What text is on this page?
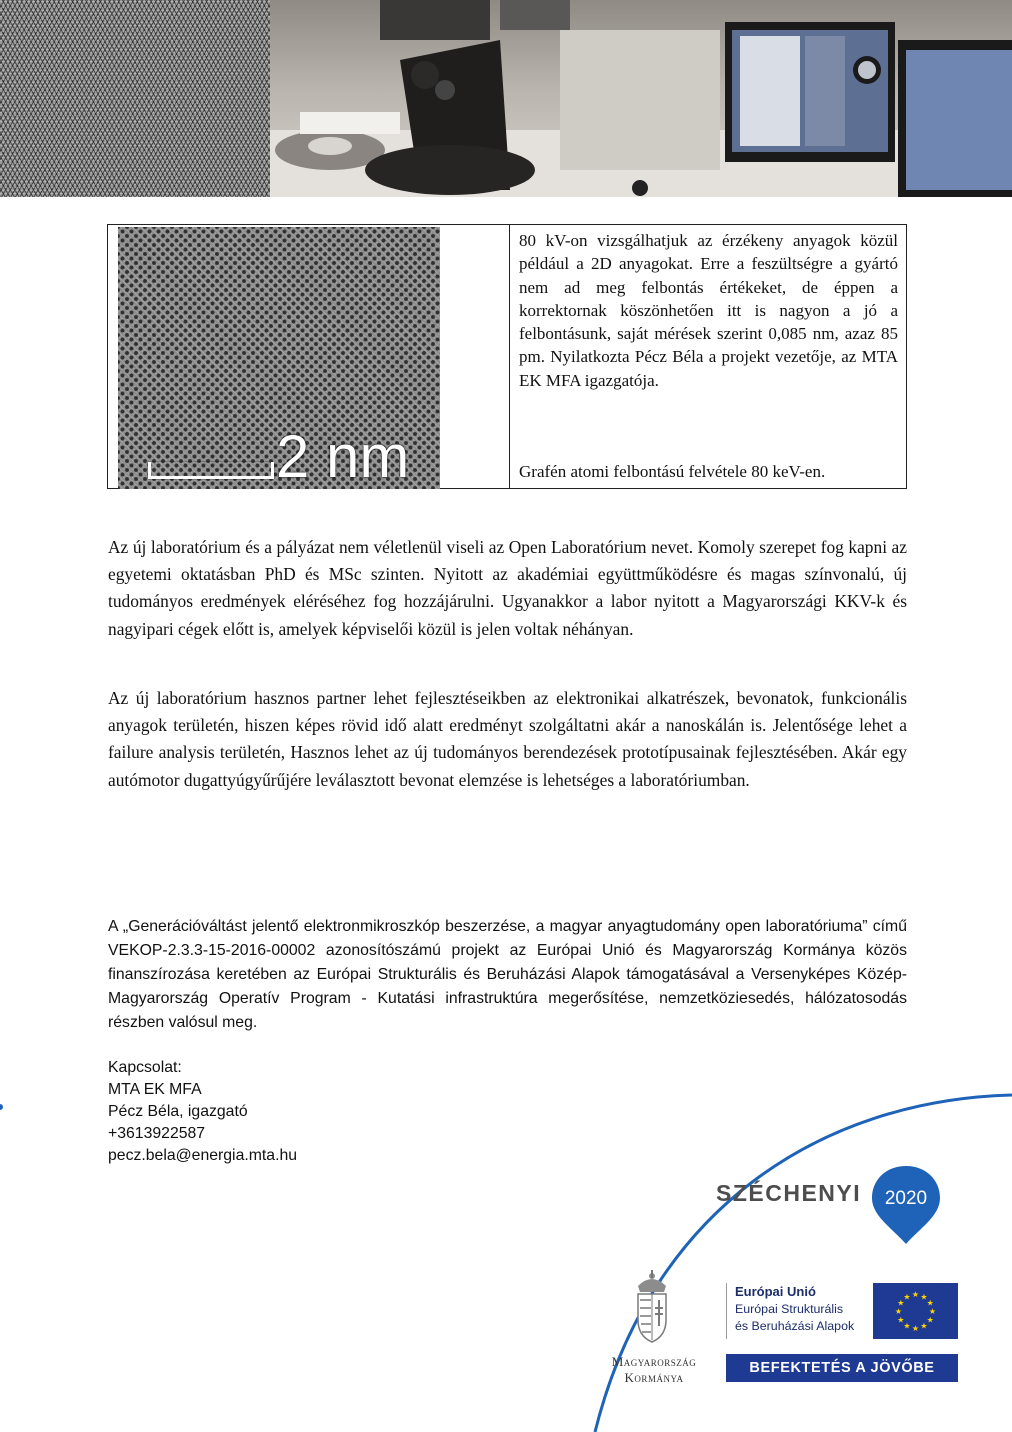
2 nm
80 kV-on vizsgálhatjuk az érzékeny anyagok közül például a 2D anyagokat. Erre a feszültségre a gyártó nem ad meg felbontás értékeket, de éppen a korrektornak köszönhetően itt is nagyon a jó a felbontásunk, saját mérések szerint 0,085 nm, azaz 85 pm. Nyilatkozta Pécz Béla a projekt vezetője, az MTA EK MFA igazgatója.
Grafén atomi felbontású felvétele 80 keV-en.
Az új laboratórium és a pályázat nem véletlenül viseli az Open Laboratórium nevet. Komoly szerepet fog kapni az egyetemi oktatásban PhD és MSc szinten. Nyitott az akadémiai együttműködésre és magas színvonalú, új tudományos eredmények eléréséhez fog hozzájárulni. Ugyanakkor a labor nyitott a Magyarországi KKV-k és nagyipari cégek előtt is, amelyek képviselői közül is jelen voltak néhányan.
Az új laboratórium hasznos partner lehet fejlesztéseikben az elektronikai alkatrészek, bevonatok, funkcionális anyagok területén, hiszen képes rövid idő alatt eredményt szolgáltatni akár a nanoskálán is. Jelentősége lehet a failure analysis területén, Hasznos lehet az új tudományos berendezések prototípusainak fejlesztésében. Akár egy autómotor dugattyúgyűrűjére leválasztott bevonat elemzése is lehetséges a laboratóriumban.
A „Generációváltást jelentő elektronmikroszkóp beszerzése, a magyar anyagtudomány open laboratóriuma” című VEKOP-2.3.3-15-2016-00002 azonosítószámú projekt az Európai Unió és Magyarország Kormánya közös finanszírozása keretében az Európai Strukturális és Beruházási Alapok támogatásával a Versenyképes Közép-Magyarország Operatív Program - Kutatási infrastruktúra megerősítése, nemzetköziesedés, hálózatosodás részben valósul meg.
Kapcsolat:
MTA EK MFA
Pécz Béla, igazgató
+3613922587
pecz.bela@energia.mta.hu
SZÉCHENYI 2020
Magyarország
Kormánya
Európai Unió
Európai Strukturális
és Beruházási Alapok
★
★
★
★
★
★
★
★
★ ★ ★
★
BEFEKTETÉS A JÖVŐBE
